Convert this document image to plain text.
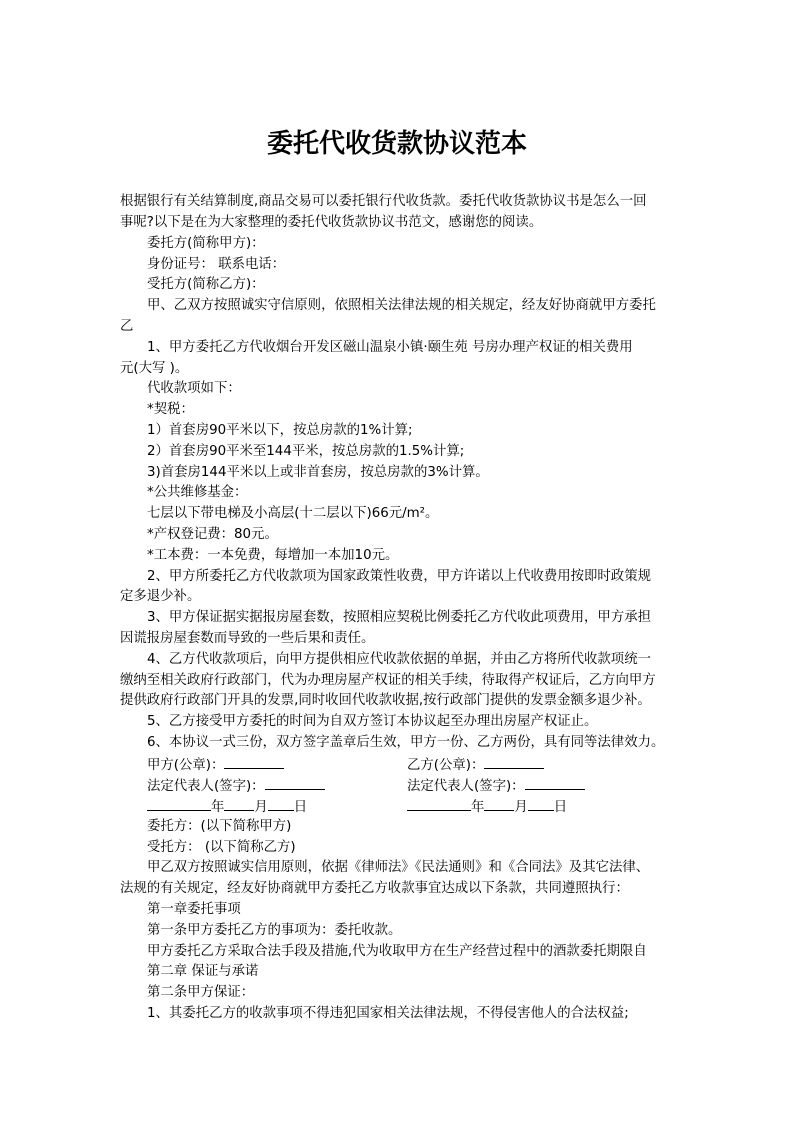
委托代收货款协议范本

根据银行有关结算制度,商品交易可以委托银行代收货款。委托代收货款协议书是怎么一回

事呢?以下是在为大家整理的委托代收货款协议书范文，感谢您的阅读。

委托方(简称甲方)：

身份证号： 联系电话：

受托方(简称乙方)：

甲、乙双方按照诚实守信原则，依照相关法律法规的相关规定，经友好协商就甲方委托

乙

1、甲方委托乙方代收烟台开发区磁山温泉小镇·颐生苑 号房办理产权证的相关费用

元(大写 )。

代收款项如下：

*契税：

1）首套房90平米以下，按总房款的1%计算;

2）首套房90平米至144平米，按总房款的1.5%计算;

3)首套房144平米以上或非首套房，按总房款的3%计算。

*公共维修基金：

七层以下带电梯及小高层(十二层以下)66元/m²。

*产权登记费：80元。

*工本费：一本免费，每增加一本加10元。

2、甲方所委托乙方代收款项为国家政策性收费，甲方许诺以上代收费用按即时政策规

定多退少补。

3、甲方保证据实据报房屋套数，按照相应契税比例委托乙方代收此项费用，甲方承担

因谎报房屋套数而导致的一些后果和责任。

4、乙方代收款项后，向甲方提供相应代收款依据的单据，并由乙方将所代收款项统一

缴纳至相关政府行政部门，代为办理房屋产权证的相关手续，待取得产权证后，乙方向甲方

提供政府行政部门开具的发票,同时收回代收款收据,按行政部门提供的发票金额多退少补。

5、乙方接受甲方委托的时间为自双方签订本协议起至办理出房屋产权证止。

6、本协议一式三份，双方签字盖章后生效，甲方一份、乙方两份，具有同等法律效力。

甲方(公章)：	乙方(公章)：
法定代表人(签字)：	法定代表人(签字)：
年 月 日	年 月 日

委托方：(以下简称甲方)

受托方： (以下简称乙方)

甲乙双方按照诚实信用原则，依据《律师法》《民法通则》和《合同法》及其它法律、

法规的有关规定，经友好协商就甲方委托乙方收款事宜达成以下条款，共同遵照执行：

第一章委托事项

第一条甲方委托乙方的事项为：委托收款。

甲方委托乙方采取合法手段及措施,代为收取甲方在生产经营过程中的酒款委托期限自

第二章 保证与承诺

第二条甲方保证：

1、其委托乙方的收款事项不得违犯国家相关法律法规，不得侵害他人的合法权益;
